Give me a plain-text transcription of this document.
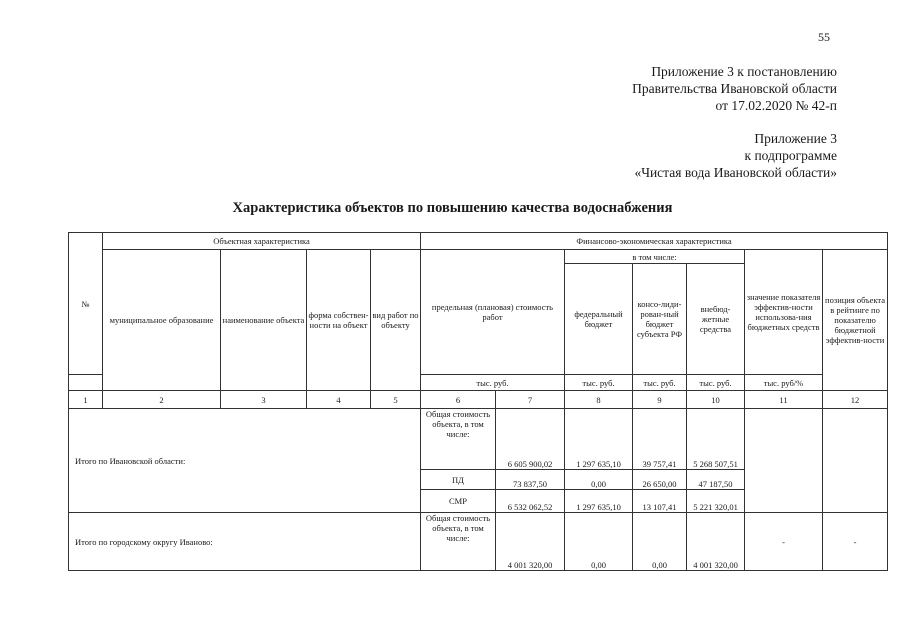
55
Приложение 3 к постановлению
Правительства Ивановской области
от 17.02.2020 № 42-п
Приложение 3
к подпрограмме
«Чистая вода Ивановской области»
Характеристика объектов по повышению качества водоснабжения
№	Объектная характеристика				Финансово-экономическая характеристика						
	муниципальное образование	наименование объекта	форма собствен-ности на объект	вид работ по объекту	предельная (плановая) стоимость работ		в том числе:			значение показателя эффектив-ности использова-ния бюджетных средств	позиция объекта в рейтинге по показателю бюджетной эффектив-ности
							федеральный бюджет	консо-лиди-рован-ный бюджет субъекта РФ	внебюд-жетные средства		
					тыс. руб.		тыс. руб.	тыс. руб.	тыс. руб.	тыс. руб/%	
1	2	3	4	5	6	7	8	9	10	11	12
Итого по Ивановской области:					Общая стоимость объекта, в том числе:	6 605 900,02	1 297 635,10	39 757,41	5 268 507,51		
					ПД	73 837,50	0,00	26 650,00	47 187,50		
					СМР	6 532 062,52	1 297 635,10	13 107,41	5 221 320,01		
Итого по городскому округу Иваново:					Общая стоимость объекта, в том числе:	4 001 320,00	0,00	0,00	4 001 320,00	-	-
